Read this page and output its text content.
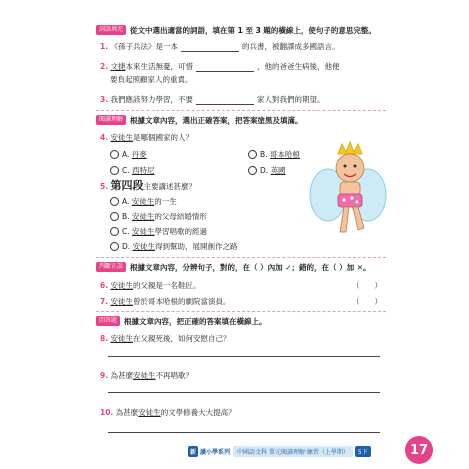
詞語填充 從文中選出適當的詞語，填在第 1 至 3 題的橫線上，使句子的意思完整。
1. 《孫子兵法》是一本	的兵書，被翻譯成多國語言。
2. 文捷本來生活無憂，可惜	，他的爸爸生病後，他便
要負起照顧家人的重責。
3. 我們應該努力學習，不要	家人對我們的期望。
閱讀理解 根據文章內容，選出正確答案，把答案塗黑及填滿。
4. 安徒生是哪個國家的人？
A.
丹麥	B.
哥本哈根
C.
西特尼	D.
英國
5. 第四段主要講述甚麼？
A.
安徒生 的一生
B.
安徒生 的父母結婚情形
C.
安徒生 學習唱歌的經過
D.
安徒生 得到幫助，展開創作之路
判斷正誤 根據文章內容，分辨句子，對的，在（ ）內加 ✓；錯的，在（ ）加 ✕。
6. 安徒生的父親是一名鞋匠。	（　　）
7. 安徒生曾於哥本哈根的劇院當演員。	（　　）
問答題 根據文章內容，把正確的答案填在橫線上。
8. 安徒生在父親死後，如何安慰自己？
9. 為甚麼安徒生不再唱歌？
10. 為甚麼安徒生的文學修養大大提高？
新 讀小學系列	中國語文科 單元閱讀理解‧練習（上學期）	5下	17
